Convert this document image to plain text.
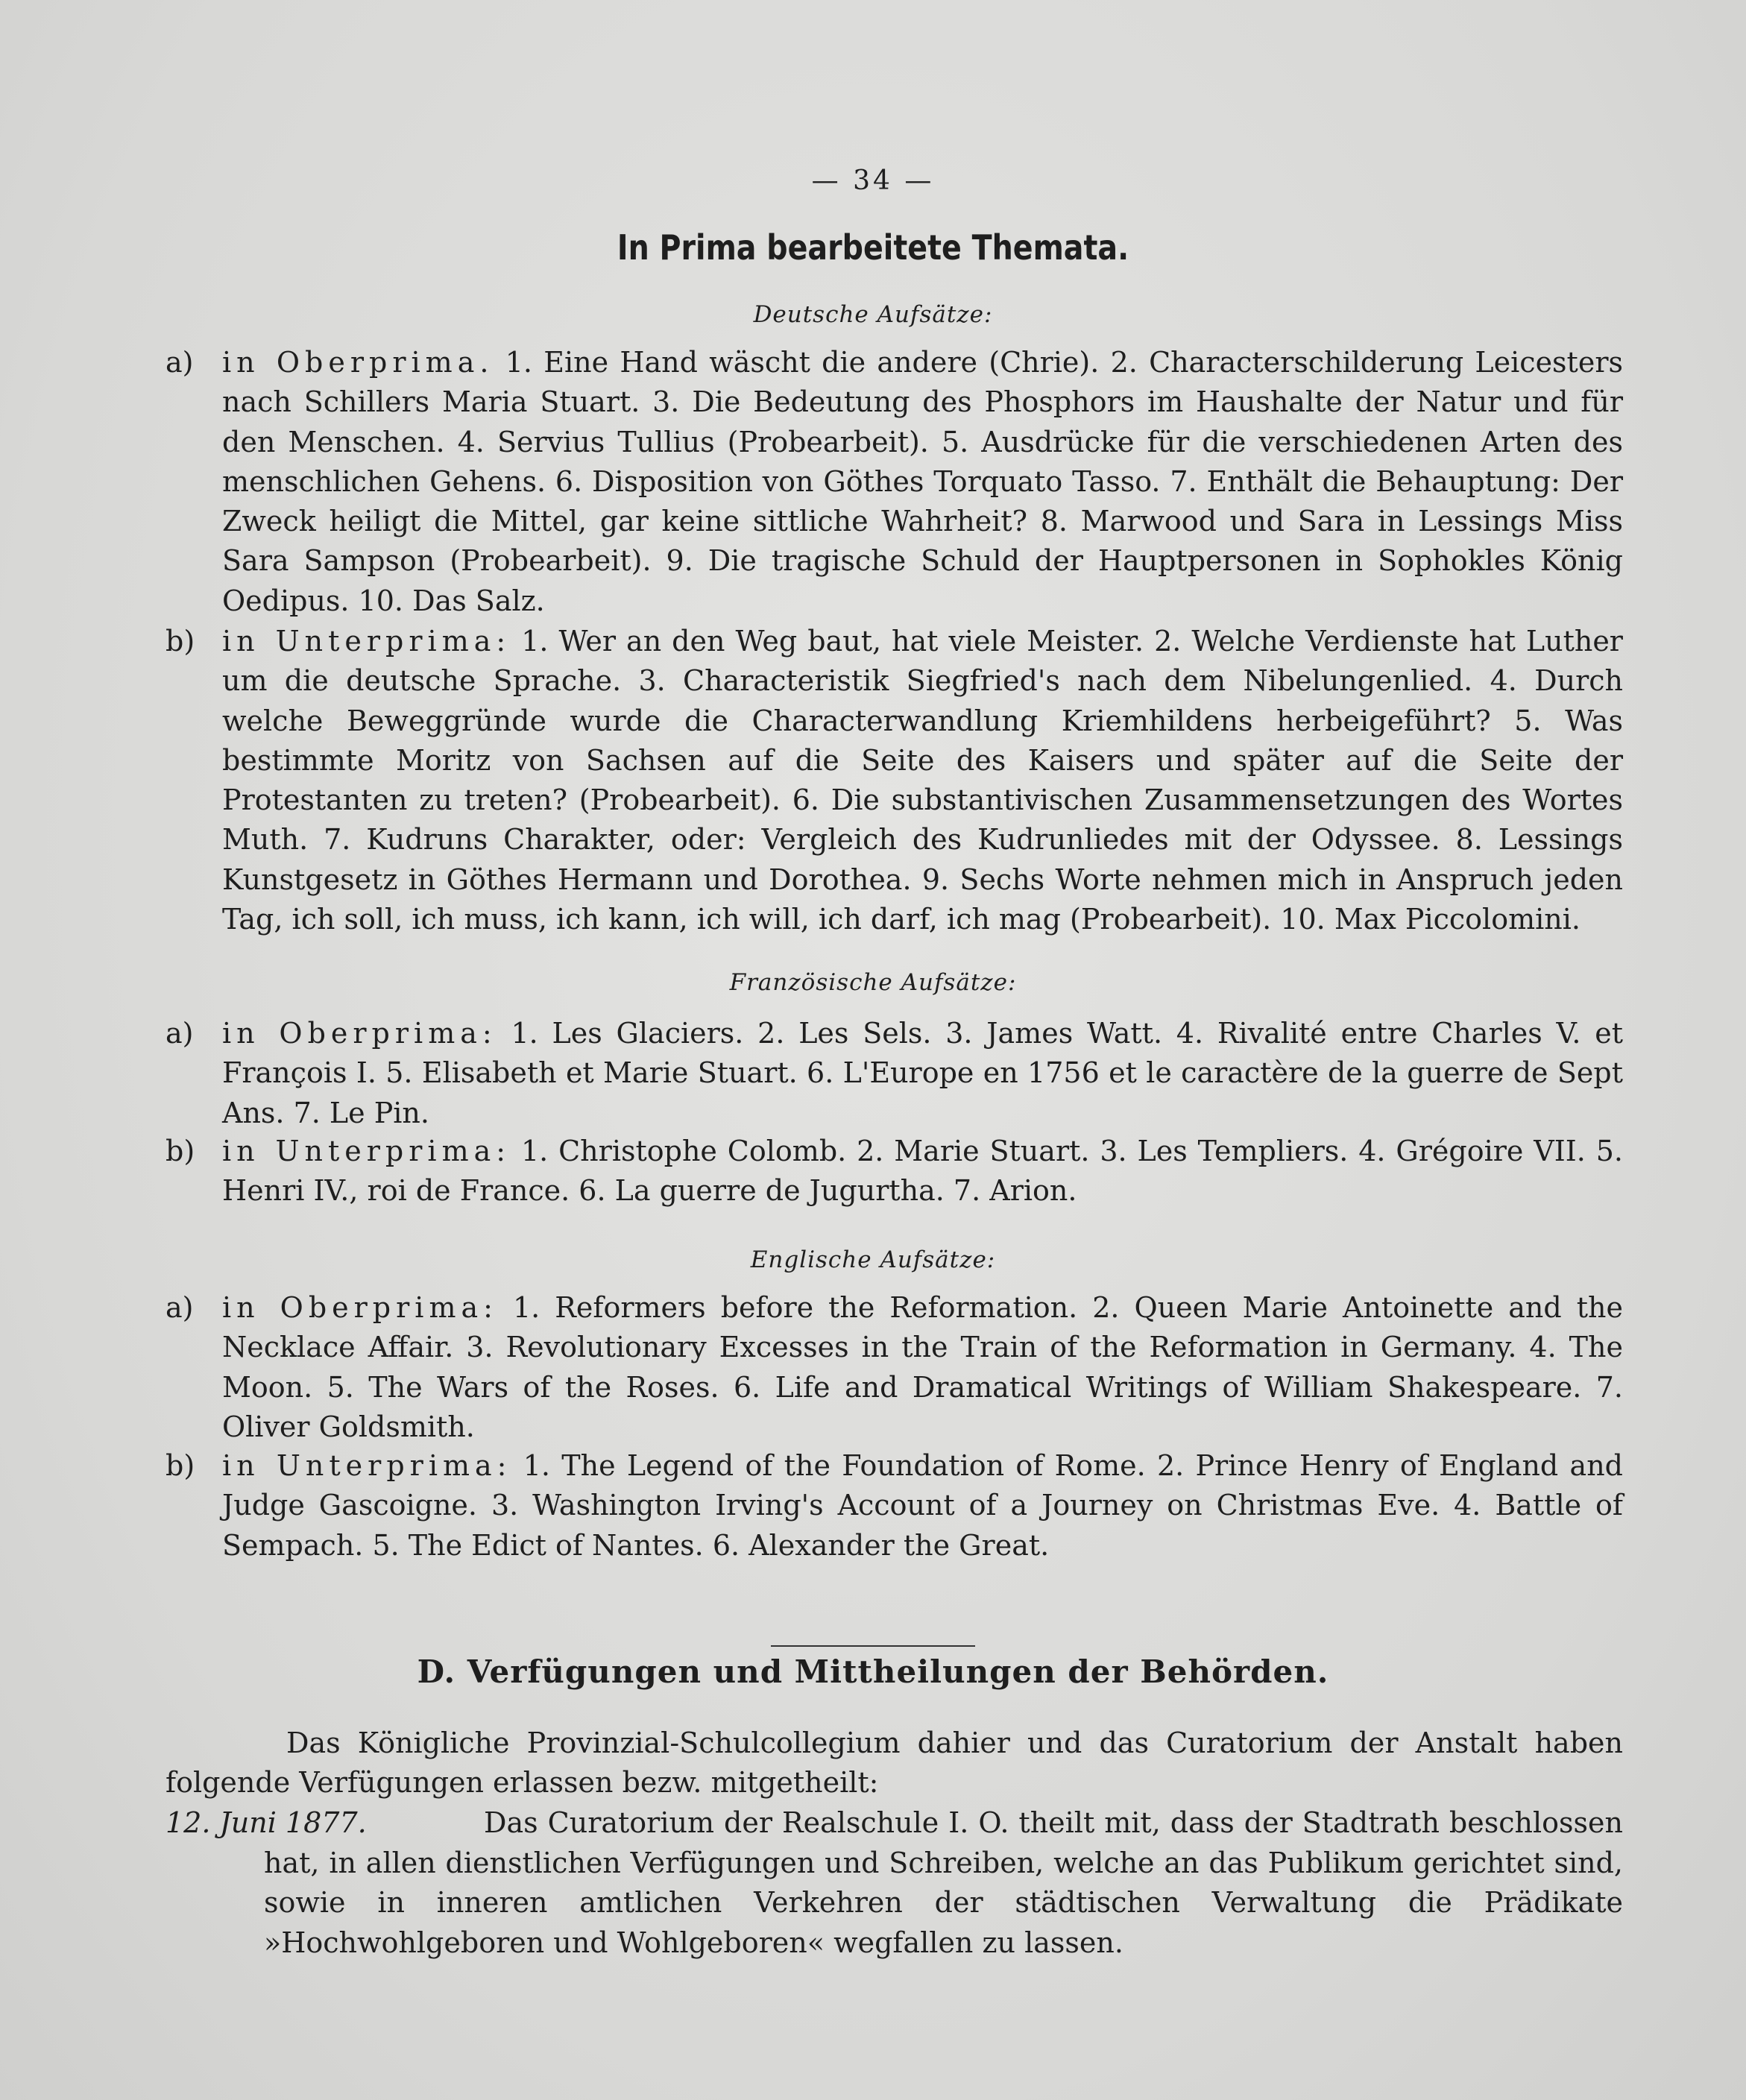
— 34 —
In Prima bearbeitete Themata.
Deutsche Aufsätze:
a) in Oberprima. 1. Eine Hand wäscht die andere (Chrie). 2. Characterschilderung Leicesters nach Schillers Maria Stuart. 3. Die Bedeutung des Phosphors im Haushalte der Natur und für den Menschen. 4. Servius Tullius (Probearbeit). 5. Ausdrücke für die verschiedenen Arten des menschlichen Gehens. 6. Disposition von Göthes Torquato Tasso. 7. Enthält die Behauptung: Der Zweck heiligt die Mittel, gar keine sittliche Wahrheit? 8. Marwood und Sara in Lessings Miss Sara Sampson (Probearbeit). 9. Die tragische Schuld der Hauptpersonen in Sophokles König Oedipus. 10. Das Salz.
b) in Unterprima: 1. Wer an den Weg baut, hat viele Meister. 2. Welche Verdienste hat Luther um die deutsche Sprache. 3. Characteristik Siegfried's nach dem Nibelungenlied. 4. Durch welche Beweggründe wurde die Characterwandlung Kriemhildens herbeigeführt? 5. Was bestimmte Moritz von Sachsen auf die Seite des Kaisers und später auf die Seite der Protestanten zu treten? (Probearbeit). 6. Die substantivischen Zusammensetzungen des Wortes Muth. 7. Kudruns Charakter, oder: Vergleich des Kudrunliedes mit der Odyssee. 8. Lessings Kunstgesetz in Göthes Hermann und Dorothea. 9. Sechs Worte nehmen mich in Anspruch jeden Tag, ich soll, ich muss, ich kann, ich will, ich darf, ich mag (Probearbeit). 10. Max Piccolomini.
Französische Aufsätze:
a) in Oberprima: 1. Les Glaciers. 2. Les Sels. 3. James Watt. 4. Rivalité entre Charles V. et François I. 5. Elisabeth et Marie Stuart. 6. L'Europe en 1756 et le caractère de la guerre de Sept Ans. 7. Le Pin.
b) in Unterprima: 1. Christophe Colomb. 2. Marie Stuart. 3. Les Templiers. 4. Grégoire VII. 5. Henri IV., roi de France. 6. La guerre de Jugurtha. 7. Arion.
Englische Aufsätze:
a) in Oberprima: 1. Reformers before the Reformation. 2. Queen Marie Antoinette and the Necklace Affair. 3. Revolutionary Excesses in the Train of the Reformation in Germany. 4. The Moon. 5. The Wars of the Roses. 6. Life and Dramatical Writings of William Shakespeare. 7. Oliver Goldsmith.
b) in Unterprima: 1. The Legend of the Foundation of Rome. 2. Prince Henry of England and Judge Gascoigne. 3. Washington Irving's Account of a Journey on Christmas Eve. 4. Battle of Sempach. 5. The Edict of Nantes. 6. Alexander the Great.
D. Verfügungen und Mittheilungen der Behörden.
Das Königliche Provinzial-Schulcollegium dahier und das Curatorium der Anstalt haben folgende Verfügungen erlassen bezw. mitgetheilt:
12. Juni 1877.	Das Curatorium der Realschule I. O. theilt mit, dass der Stadtrath beschlossen hat, in allen dienstlichen Verfügungen und Schreiben, welche an das Publikum gerichtet sind, sowie in inneren amtlichen Verkehren der städtischen Verwaltung die Prädikate »Hochwohlgeboren und Wohlgeboren« wegfallen zu lassen.
